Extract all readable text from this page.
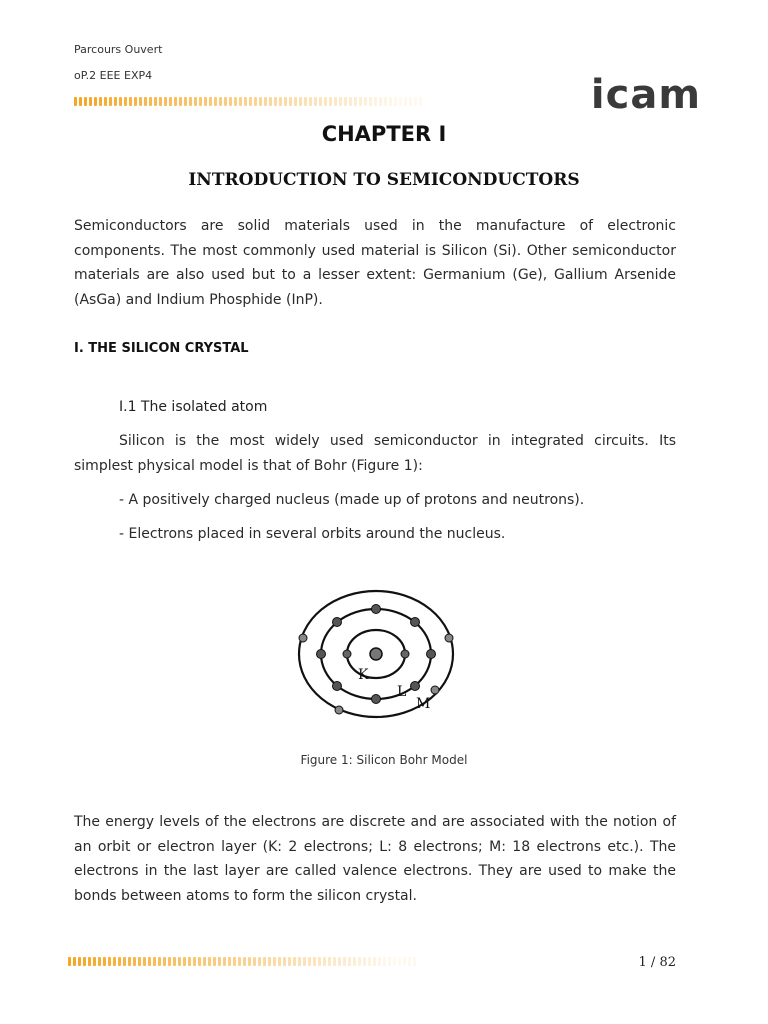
Parcours Ouvert
oP.2 EEE EXP4	icam
CHAPTER I
INTRODUCTION TO SEMICONDUCTORS
Semiconductors are solid materials used in the manufacture of electronic
components. The most commonly used material is Silicon (Si). Other semiconductor
materials are also used but to a lesser extent: Germanium (Ge), Gallium Arsenide
(AsGa) and Indium Phosphide (InP).
I. THE SILICON CRYSTAL
I.1 The isolated atom
Silicon is the most widely used semiconductor in integrated circuits. Its
simplest physical model is that of Bohr (Figure 1):
- A positively charged nucleus (made up of protons and neutrons).
- Electrons placed in several orbits around the nucleus.
K
L
M
Figure 1: Silicon Bohr Model
The energy levels of the electrons are discrete and are associated with the notion of
an orbit or electron layer (K: 2 electrons; L: 8 electrons; M: 18 electrons etc.). The
electrons in the last layer are called valence electrons. They are used to make the
bonds between atoms to form the silicon crystal.
1 / 82
